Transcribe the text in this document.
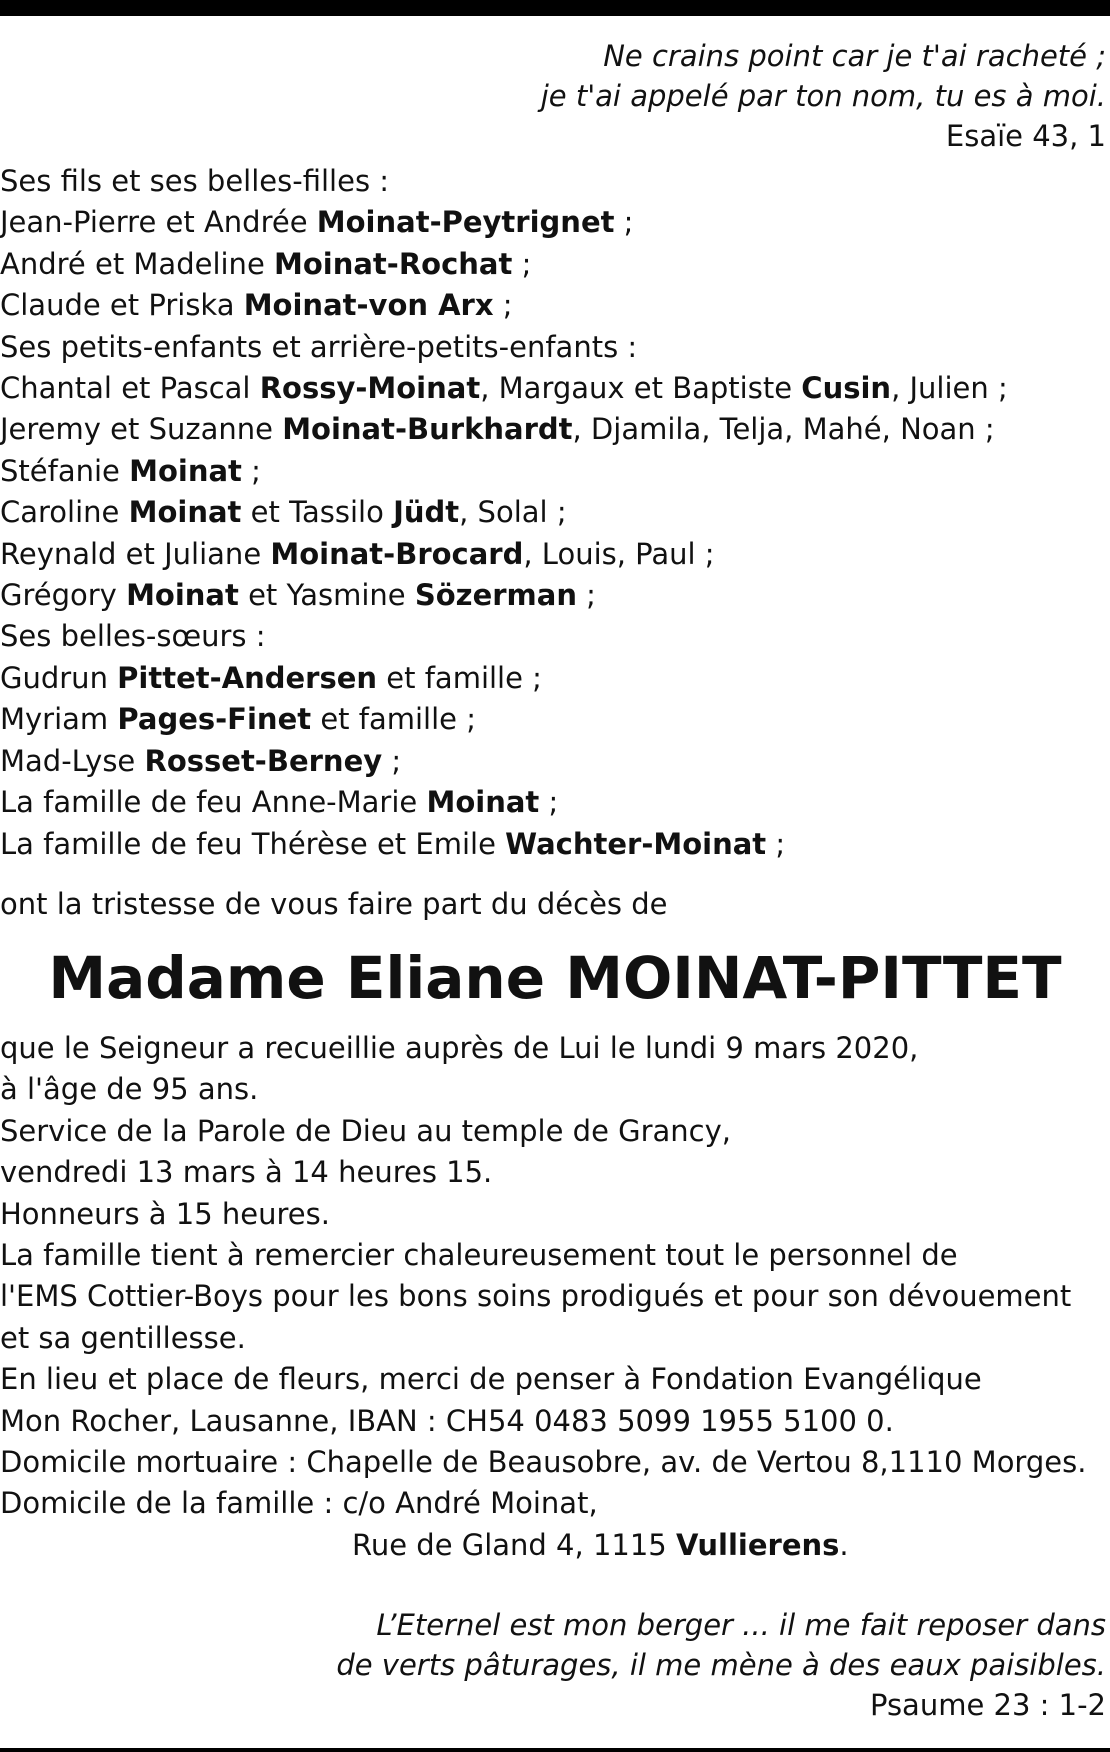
Ne crains point car je t'ai racheté ;
je t'ai appelé par ton nom, tu es à moi.
Esaïe 43, 1
Ses fils et ses belles-filles :
Jean-Pierre et Andrée Moinat-Peytrignet ;
André et Madeline Moinat-Rochat ;
Claude et Priska Moinat-von Arx ;
Ses petits-enfants et arrière-petits-enfants :
Chantal et Pascal Rossy-Moinat, Margaux et Baptiste Cusin, Julien ;
Jeremy et Suzanne Moinat-Burkhardt, Djamila, Telja, Mahé, Noan ;
Stéfanie Moinat ;
Caroline Moinat et Tassilo Jüdt, Solal ;
Reynald et Juliane Moinat-Brocard, Louis, Paul ;
Grégory Moinat et Yasmine Sözerman ;
Ses belles-sœurs :
Gudrun Pittet-Andersen et famille ;
Myriam Pages-Finet et famille ;
Mad-Lyse Rosset-Berney ;
La famille de feu Anne-Marie Moinat ;
La famille de feu Thérèse et Emile Wachter-Moinat ;
ont la tristesse de vous faire part du décès de
Madame Eliane MOINAT-PITTET
que le Seigneur a recueillie auprès de Lui le lundi 9 mars 2020,
à l'âge de 95 ans.
Service de la Parole de Dieu au temple de Grancy,
vendredi 13 mars à 14 heures 15.
Honneurs à 15 heures.
La famille tient à remercier chaleureusement tout le personnel de
l'EMS Cottier-Boys pour les bons soins prodigués et pour son dévouement
et sa gentillesse.
En lieu et place de fleurs, merci de penser à Fondation Evangélique
Mon Rocher, Lausanne, IBAN : CH54 0483 5099 1955 5100 0.
Domicile mortuaire : Chapelle de Beausobre, av. de Vertou 8,1110 Morges.
Domicile de la famille : c/o André Moinat,
Rue de Gland 4, 1115 Vullierens.
L’Eternel est mon berger ... il me fait reposer dans
de verts pâturages, il me mène à des eaux paisibles.
Psaume 23 : 1-2
